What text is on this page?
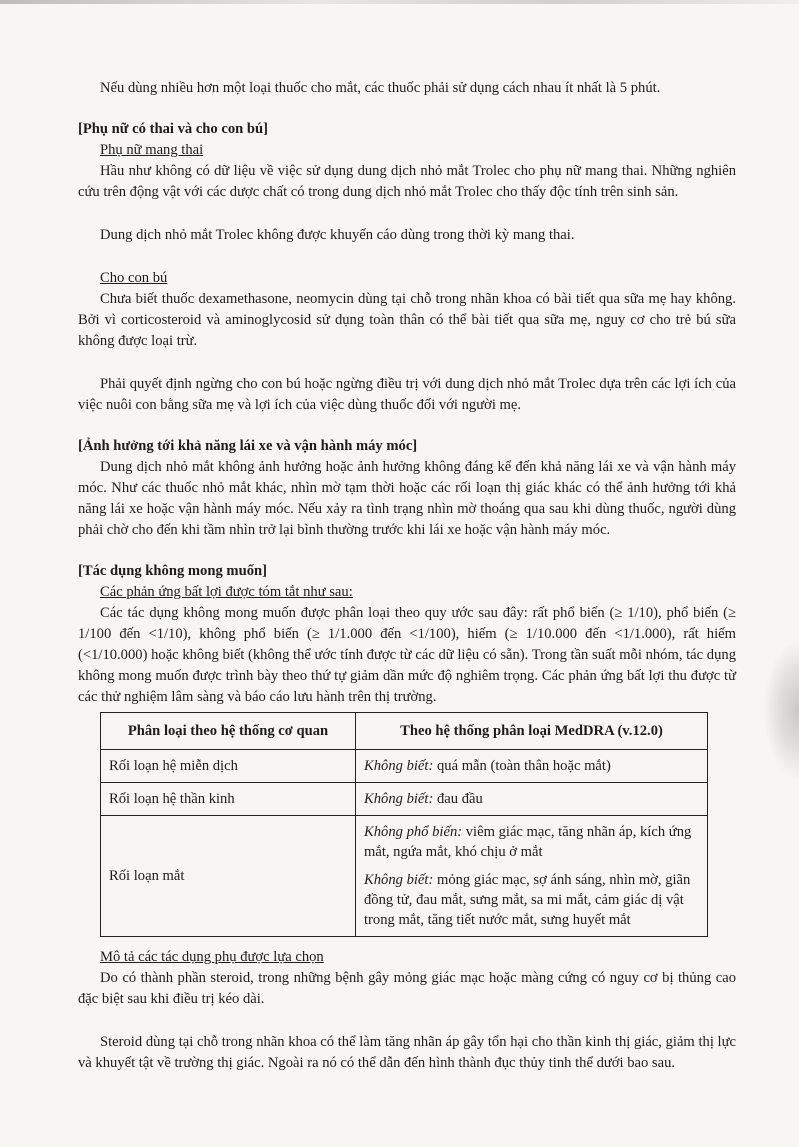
Nếu dùng nhiều hơn một loại thuốc cho mắt, các thuốc phải sử dụng cách nhau ít nhất là 5 phút.

[Phụ nữ có thai và cho con bú]

Phụ nữ mang thai

Hầu như không có dữ liệu về việc sử dụng dung dịch nhỏ mắt Trolec cho phụ nữ mang thai. Những nghiên cứu trên động vật với các dược chất có trong dung dịch nhỏ mắt Trolec cho thấy độc tính trên sinh sản.

Dung dịch nhỏ mắt Trolec không được khuyến cáo dùng trong thời kỳ mang thai.

Cho con bú

Chưa biết thuốc dexamethasone, neomycin dùng tại chỗ trong nhãn khoa có bài tiết qua sữa mẹ hay không. Bởi vì corticosteroid và aminoglycosid sử dụng toàn thân có thể bài tiết qua sữa mẹ, nguy cơ cho trẻ bú sữa không được loại trừ.

Phải quyết định ngừng cho con bú hoặc ngừng điều trị với dung dịch nhỏ mắt Trolec dựa trên các lợi ích của việc nuôi con bằng sữa mẹ và lợi ích của việc dùng thuốc đối với người mẹ.

[Ảnh hưởng tới khả năng lái xe và vận hành máy móc]

Dung dịch nhỏ mắt không ảnh hưởng hoặc ảnh hưởng không đáng kể đến khả năng lái xe và vận hành máy móc. Như các thuốc nhỏ mắt khác, nhìn mờ tạm thời hoặc các rối loạn thị giác khác có thể ảnh hưởng tới khả năng lái xe hoặc vận hành máy móc. Nếu xảy ra tình trạng nhìn mờ thoáng qua sau khi dùng thuốc, người dùng phải chờ cho đến khi tầm nhìn trở lại bình thường trước khi lái xe hoặc vận hành máy móc.

[Tác dụng không mong muốn]

Các phản ứng bất lợi được tóm tắt như sau:

Các tác dụng không mong muốn được phân loại theo quy ước sau đây: rất phổ biến (≥ 1/10), phổ biến (≥ 1/100 đến <1/10), không phổ biến (≥ 1/1.000 đến <1/100), hiếm (≥ 1/10.000 đến <1/1.000), rất hiếm (<1/10.000) hoặc không biết (không thể ước tính được từ các dữ liệu có sẵn). Trong tần suất mỗi nhóm, tác dụng không mong muốn được trình bày theo thứ tự giảm dần mức độ nghiêm trọng. Các phản ứng bất lợi thu được từ các thử nghiệm lâm sàng và báo cáo lưu hành trên thị trường.

Phân loại theo hệ thống cơ quan	Theo hệ thống phân loại MedDRA (v.12.0)
Rối loạn hệ miễn dịch	Không biết: quá mẫn (toàn thân hoặc mắt)
Rối loạn hệ thần kinh	Không biết: đau đầu
Rối loạn mắt	Không phổ biến: viêm giác mạc, tăng nhãn áp, kích ứng mắt, ngứa mắt, khó chịu ở mắt

Không biết: mỏng giác mạc, sợ ánh sáng, nhìn mờ, giãn đồng tử, đau mắt, sưng mắt, sa mi mắt, cảm giác dị vật trong mắt, tăng tiết nước mắt, sưng huyết mắt

Mô tả các tác dụng phụ được lựa chọn

Do có thành phần steroid, trong những bệnh gây mỏng giác mạc hoặc màng cứng có nguy cơ bị thủng cao đặc biệt sau khi điều trị kéo dài.

Steroid dùng tại chỗ trong nhãn khoa có thể làm tăng nhãn áp gây tổn hại cho thần kinh thị giác, giảm thị lực và khuyết tật về trường thị giác. Ngoài ra nó có thể dẫn đến hình thành đục thủy tinh thể dưới bao sau.
